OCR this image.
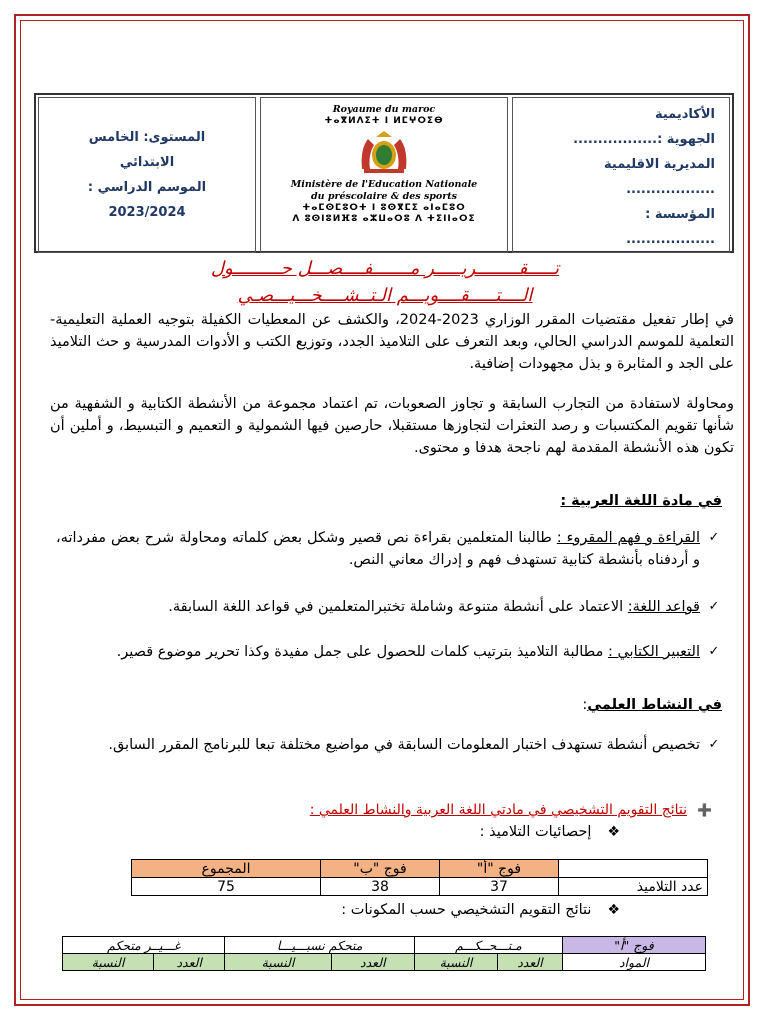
المستوى: الخامس
الابتدائي
الموسم الدراسي :
2023/2024
Royaume du maroc
ⵜⴰⴳⵍⴷⵉⵜ ⵏ ⵍⵎⵖⵔⵉⴱ
Ministère de l'Education Nationale
du préscolaire & des sports
ⵜⴰⵎⵙⵎⵓⵔⵜ ⵏ ⵓⵙⴳⵎⵉ ⴰⵏⴰⵎⵓⵔ
ⴷ ⵓⵙⵏⵓⵍⴼⵓ ⴰⵣⵡⴰⵔⵓ ⴷ ⵜⵉⵏⵏⴰⵔⵉ
الأكاديمية
الجهوية :.................
المديرية الاقليمية
..................
المؤسسة :
..................
تـــــقــــــــريـــــر مـــــــفــــصـــل حـــــــــول
الــــتـــــقــــويـــم الـتــشــــخـــيـــصـي
في إطار تفعيل مقتضيات المقرر الوزاري 2023-2024، والكشف عن المعطيات الكفيلة بتوجيه العملية التعليمية-التعلمية للموسم الدراسي الحالي، وبعد التعرف على التلاميذ الجدد، وتوزيع الكتب و الأدوات المدرسية و حث التلاميذ على الجد و المثابرة و بذل مجهودات إضافية.
ومحاولة لاستفادة من التجارب السابقة و تجاوز الصعوبات، تم اعتماد مجموعة من الأنشطة الكتابية و الشفهية من شأنها تقويم المكتسبات و رصد التعثرات لتجاوزها مستقبلا، حارصين فيها الشمولية و التعميم و التبسيط، و أملين أن تكون هذه الأنشطة المقدمة لهم ناجحة هدفا و محتوى.
في مادة اللغة العربية :
✓
القراءة و فهم المقروء : طالبنا المتعلمين بقراءة نص قصير وشكل بعض كلماته ومحاولة شرح بعض مفرداته، و أردفناه بأنشطة كتابية تستهدف فهم و إدراك معاني النص.
✓
قواعد اللغة: الاعتماد على أنشطة متنوعة وشاملة تختبرالمتعلمين في قواعد اللغة السابقة.
✓
التعبير الكتابي : مطالبة التلاميذ بترتيب كلمات للحصول على جمل مفيدة وكذا تحرير موضوع قصير.
في النشاط العلمي:
✓
تخصيص أنشطة تستهدف اختبار المعلومات السابقة في مواضيع مختلفة تبعا للبرنامج المقرر السابق.
➕
نتائج التقويم التشخيصي في مادتي اللغة العربية والنشاط العلمي :
❖
إحصائيات التلاميذ :
	فوج "أ"	فوج "ب"	المجموع
عدد التلاميذ	37	38	75
❖
نتائج التقويم التشخيصي حسب المكونات :
فوج "أ"	مـتـــحــكـــم		متحكم نسبـــيـــا		غـــيــر متحكم	
المواد	العدد	النسبة	العدد	النسبة	العدد	النسبة
